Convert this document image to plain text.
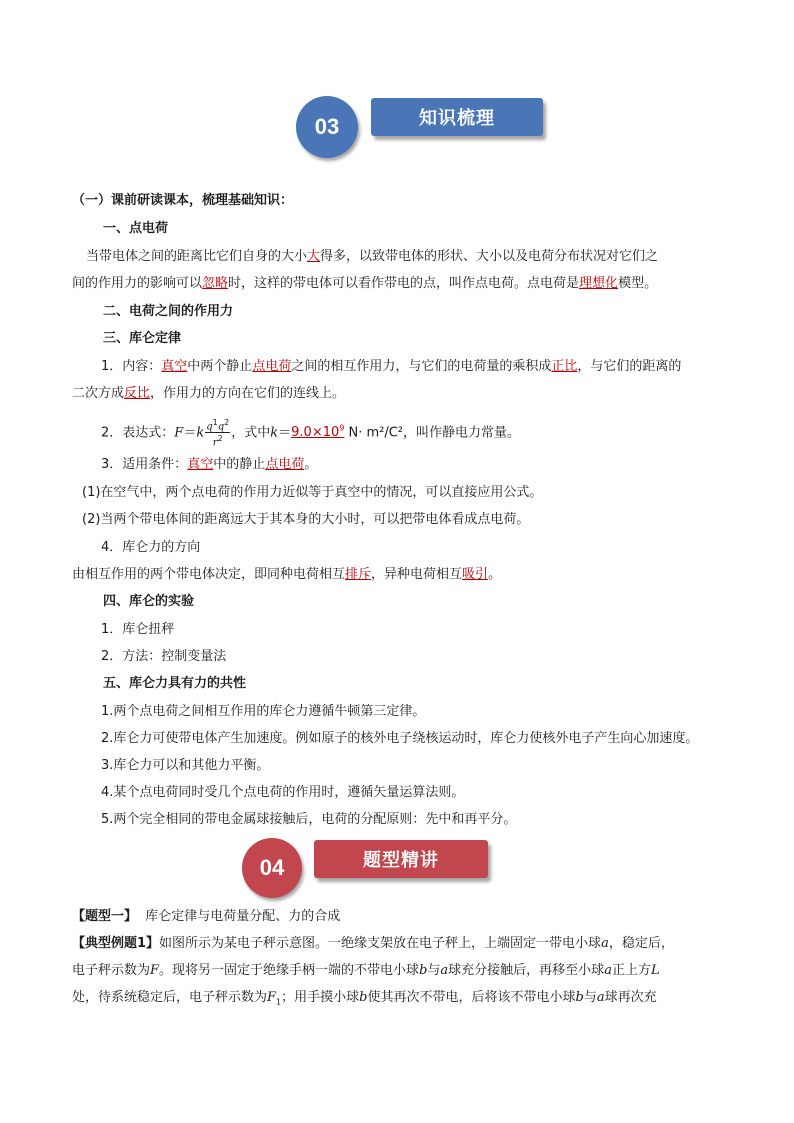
03	知识梳理
（一）课前研读课本，梳理基础知识：
一、点电荷
当带电体之间的距离比它们自身的大小大得多，以致带电体的形状、大小以及电荷分布状况对它们之
间的作用力的影响可以忽略时，这样的带电体可以看作带电的点，叫作点电荷。点电荷是理想化模型。
二、电荷之间的作用力
三、库仑定律
1．内容：真空中两个静止点电荷之间的相互作用力，与它们的电荷量的乘积成正比，与它们的距离的
二次方成反比，作用力的方向在它们的连线上。
2．表达式：$F=k \frac{q^1q^2}{r^2}$ ，式中$k=9.0\times 10^9$ N· m²/C²，叫作静电力常量。
3．适用条件：真空中的静止点电荷。
(1)在空气中，两个点电荷的作用力近似等于真空中的情况，可以直接应用公式。
(2)当两个带电体间的距离远大于其本身的大小时，可以把带电体看成点电荷。
4．库仑力的方向
由相互作用的两个带电体决定，即同种电荷相互排斥，异种电荷相互吸引。
四、库仑的实验
1．库仑扭秤
2．方法：控制变量法
五、库仑力具有力的共性
1.两个点电荷之间相互作用的库仑力遵循牛顿第三定律。
2.库仑力可使带电体产生加速度。例如原子的核外电子绕核运动时，库仑力使核外电子产生向心加速度。
3.库仑力可以和其他力平衡。
4.某个点电荷同时受几个点电荷的作用时，遵循矢量运算法则。
5.两个完全相同的带电金属球接触后，电荷的分配原则：先中和再平分。
04	题型精讲
【题型一】 库仑定律与电荷量分配、力的合成
【典型例题1】如图所示为某电子秤示意图。一绝缘支架放在电子秤上，上端固定一带电小球a，稳定后，
电子秤示数为F。现将另一固定于绝缘手柄一端的不带电小球b与a球充分接触后，再移至小球a正上方L
处，待系统稳定后，电子秤示数为$F_1$；用手摸小球b使其再次不带电，后将该不带电小球b与a球再次充
